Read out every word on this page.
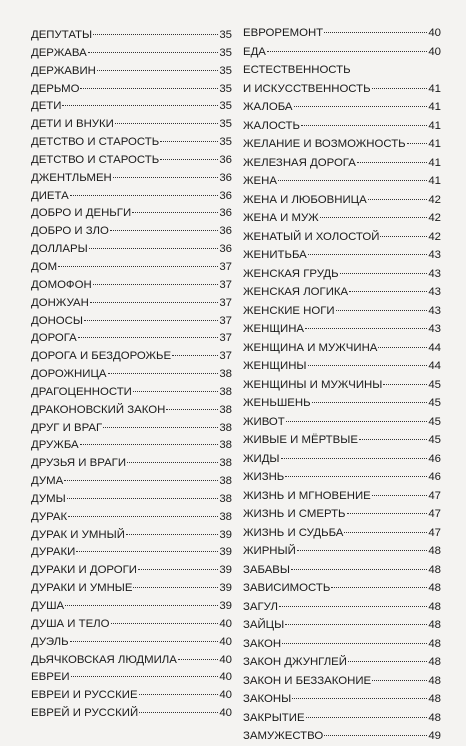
ДЕПУТАТЫ	35
ДЕРЖАВА	35
ДЕРЖАВИН	35
ДЕРЬМО	35
ДЕТИ	35
ДЕТИ И ВНУКИ	35
ДЕТСТВО И СТАРОСТЬ	35
ДЕТСТВО И СТАРОСТЬ	36
ДЖЕНТЛЬМЕН	36
ДИЕТА	36
ДОБРО И ДЕНЬГИ	36
ДОБРО И ЗЛО	36
ДОЛЛАРЫ	36
ДОМ	37
ДОМОФОН	37
ДОНЖУАН	37
ДОНОСЫ	37
ДОРОГА	37
ДОРОГА И БЕЗДОРОЖЬЕ	37
ДОРОЖНИЦА	38
ДРАГОЦЕННОСТИ	38
ДРАКОНОВСКИЙ ЗАКОН	38
ДРУГ И ВРАГ	38
ДРУЖБА	38
ДРУЗЬЯ И ВРАГИ	38
ДУМА	38
ДУМЫ	38
ДУРАК	38
ДУРАК И УМНЫЙ	39
ДУРАКИ	39
ДУРАКИ И ДОРОГИ	39
ДУРАКИ И УМНЫЕ	39
ДУША	39
ДУША И ТЕЛО	40
ДУЭЛЬ	40
ДЬЯЧКОВСКАЯ ЛЮДМИЛА	40
ЕВРЕИ	40
ЕВРЕИ И РУССКИЕ	40
ЕВРЕЙ И РУССКИЙ	40
ЕВРОРЕМОНТ	40
ЕДА	40
ЕСТЕСТВЕННОСТЬ
И ИСКУССТВЕННОСТЬ	41
ЖАЛОБА	41
ЖАЛОСТЬ	41
ЖЕЛАНИЕ И ВОЗМОЖНОСТЬ 41
ЖЕЛЕЗНАЯ ДОРОГА	41
ЖЕНА	41
ЖЕНА И ЛЮБОВНИЦА	42
ЖЕНА И МУЖ	42
ЖЕНАТЫЙ И ХОЛОСТОЙ	42
ЖЕНИТЬБА	43
ЖЕНСКАЯ ГРУДЬ	43
ЖЕНСКАЯ ЛОГИКА	43
ЖЕНСКИЕ НОГИ	43
ЖЕНЩИНА	43
ЖЕНЩИНА И МУЖЧИНА	44
ЖЕНЩИНЫ	44
ЖЕНЩИНЫ И МУЖЧИНЫ	45
ЖЕНЬШЕНЬ	45
ЖИВОТ	45
ЖИВЫЕ И МЁРТВЫЕ	45
ЖИДЫ	46
ЖИЗНЬ	46
ЖИЗНЬ И МГНОВЕНИЕ	47
ЖИЗНЬ И СМЕРТЬ	47
ЖИЗНЬ И СУДЬБА	47
ЖИРНЫЙ	48
ЗАБАВЫ	48
ЗАВИСИМОСТЬ	48
ЗАГУЛ	48
ЗАЙЦЫ	48
ЗАКОН	48
ЗАКОН ДЖУНГЛЕЙ	48
ЗАКОН И БЕЗЗАКОНИЕ	48
ЗАКОНЫ	48
ЗАКРЫТИЕ	48
ЗАМУЖЕСТВО	49
